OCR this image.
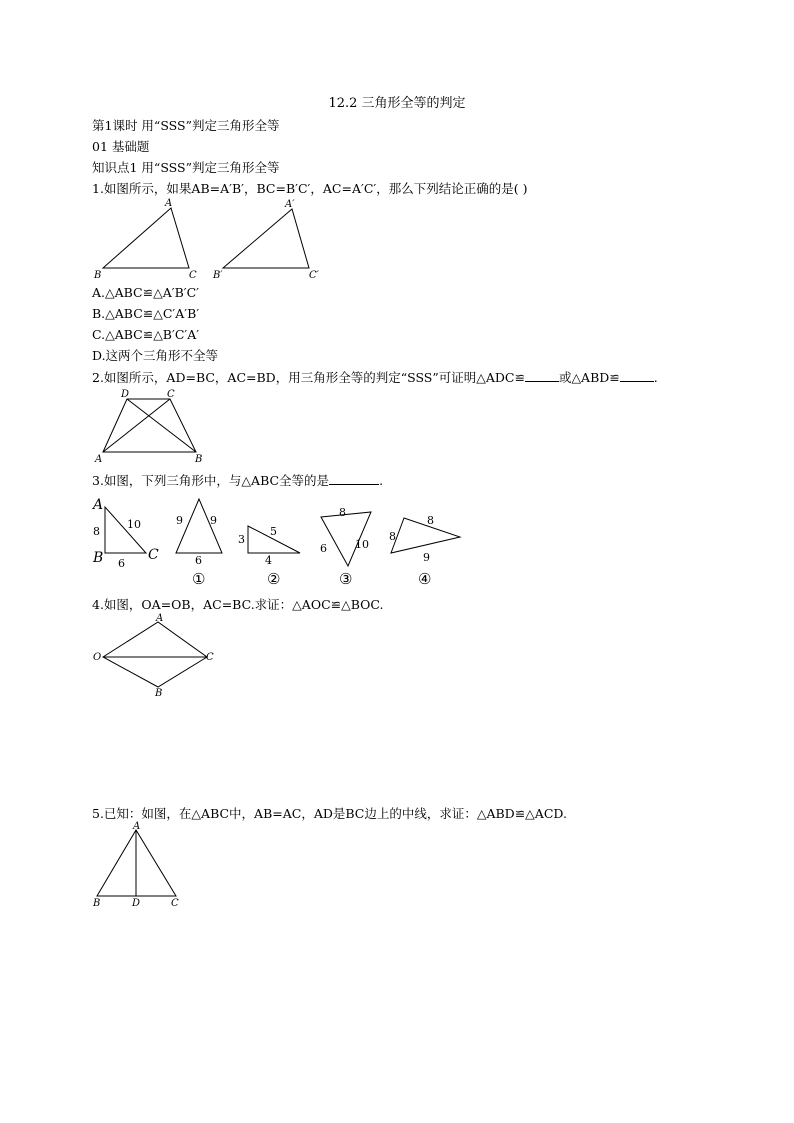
12.2 三角形全等的判定
第1课时 用“SSS”判定三角形全等
01 基础题
知识点1 用“SSS”判定三角形全等
1.如图所示，如果AB=A′B′，BC=B′C′，AC=A′C′，那么下列结论正确的是( )
A
B	C
A′
B′	C′
A.△ABC≌△A′B′C′
B.△ABC≌△C′A′B′
C.△ABC≌△B′C′A′
D.这两个三角形不全等
2.如图所示，AD=BC，AC=BD，用三角形全等的判定“SSS”可证明△ADC≌	或△ABD≌	.
D	C
A	B
3.如图，下列三角形中，与△ABC全等的是	.
A
B	C
8
10
6
9 9
6
①
3
5
4
②
8
6	10
③
8
8
9
④
4.如图，OA=OB，AC=BC.求证：△AOC≌△BOC.
A
O	C
B
5.已知：如图，在△ABC中，AB=AC，AD是BC边上的中线，求证：△ABD≌△ACD.
A
B	D	C
